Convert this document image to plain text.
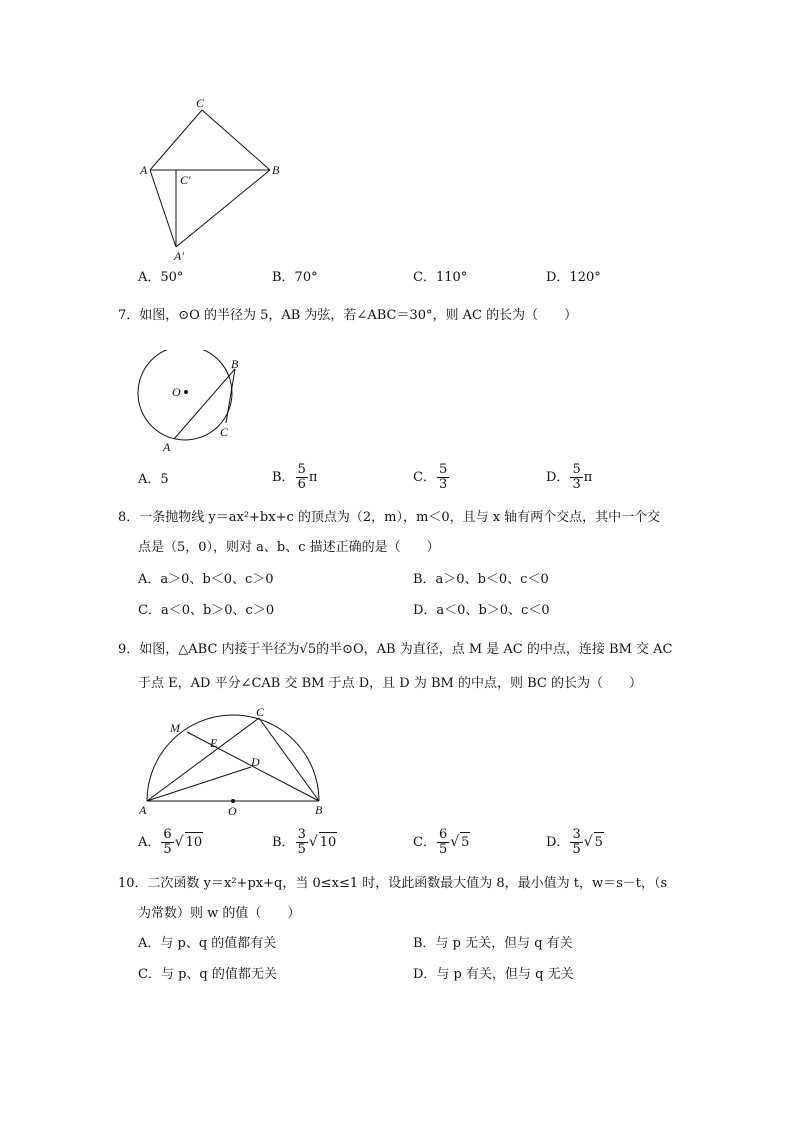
C
A
C'
B
A'
A．50°	B．70°	C．110°	D．120°
7．如图，⊙O 的半径为 5，AB 为弦，若∠ABC＝30°，则 AC 的长为（　　）
O
B
C
A
A．5	B． $\frac{5}{6}$ π	C． $\frac{5}{3}$	D． $\frac{5}{3}$ π
8．一条抛物线 y＝ax²+bx+c 的顶点为（2，m），m＜0，且与 x 轴有两个交点，其中一个交
点是（5，0），则对 a、b、c 描述正确的是（　　）
A．a＞0、b＜0、c＞0	B．a＞0、b＜0、c＜0
C．a＜0、b＞0、c＞0	D．a＜0、b＞0、c＜0
9．如图，△ABC 内接于半径为√5的半⊙O，AB 为直径，点 M 是 AC 的中点，连接 BM 交 AC
于点 E，AD 平分∠CAB 交 BM 于点 D，且 D 为 BM 的中点，则 BC 的长为（　　）
C
M
E
D
A	O	B
A． $\frac{6}{5}$ √ 10	B． $\frac{3}{5}$ √ 10	C． $\frac{6}{5}$ √ 5	D． $\frac{3}{5}$ √ 5
10．二次函数 y＝x²+px+q，当 0≤x≤1 时，设此函数最大值为 8，最小值为 t，w＝s－t，（s
为常数）则 w 的值（　　）
A．与 p、q 的值都有关	B．与 p 无关，但与 q 有关
C．与 p、q 的值都无关	D．与 p 有关，但与 q 无关
